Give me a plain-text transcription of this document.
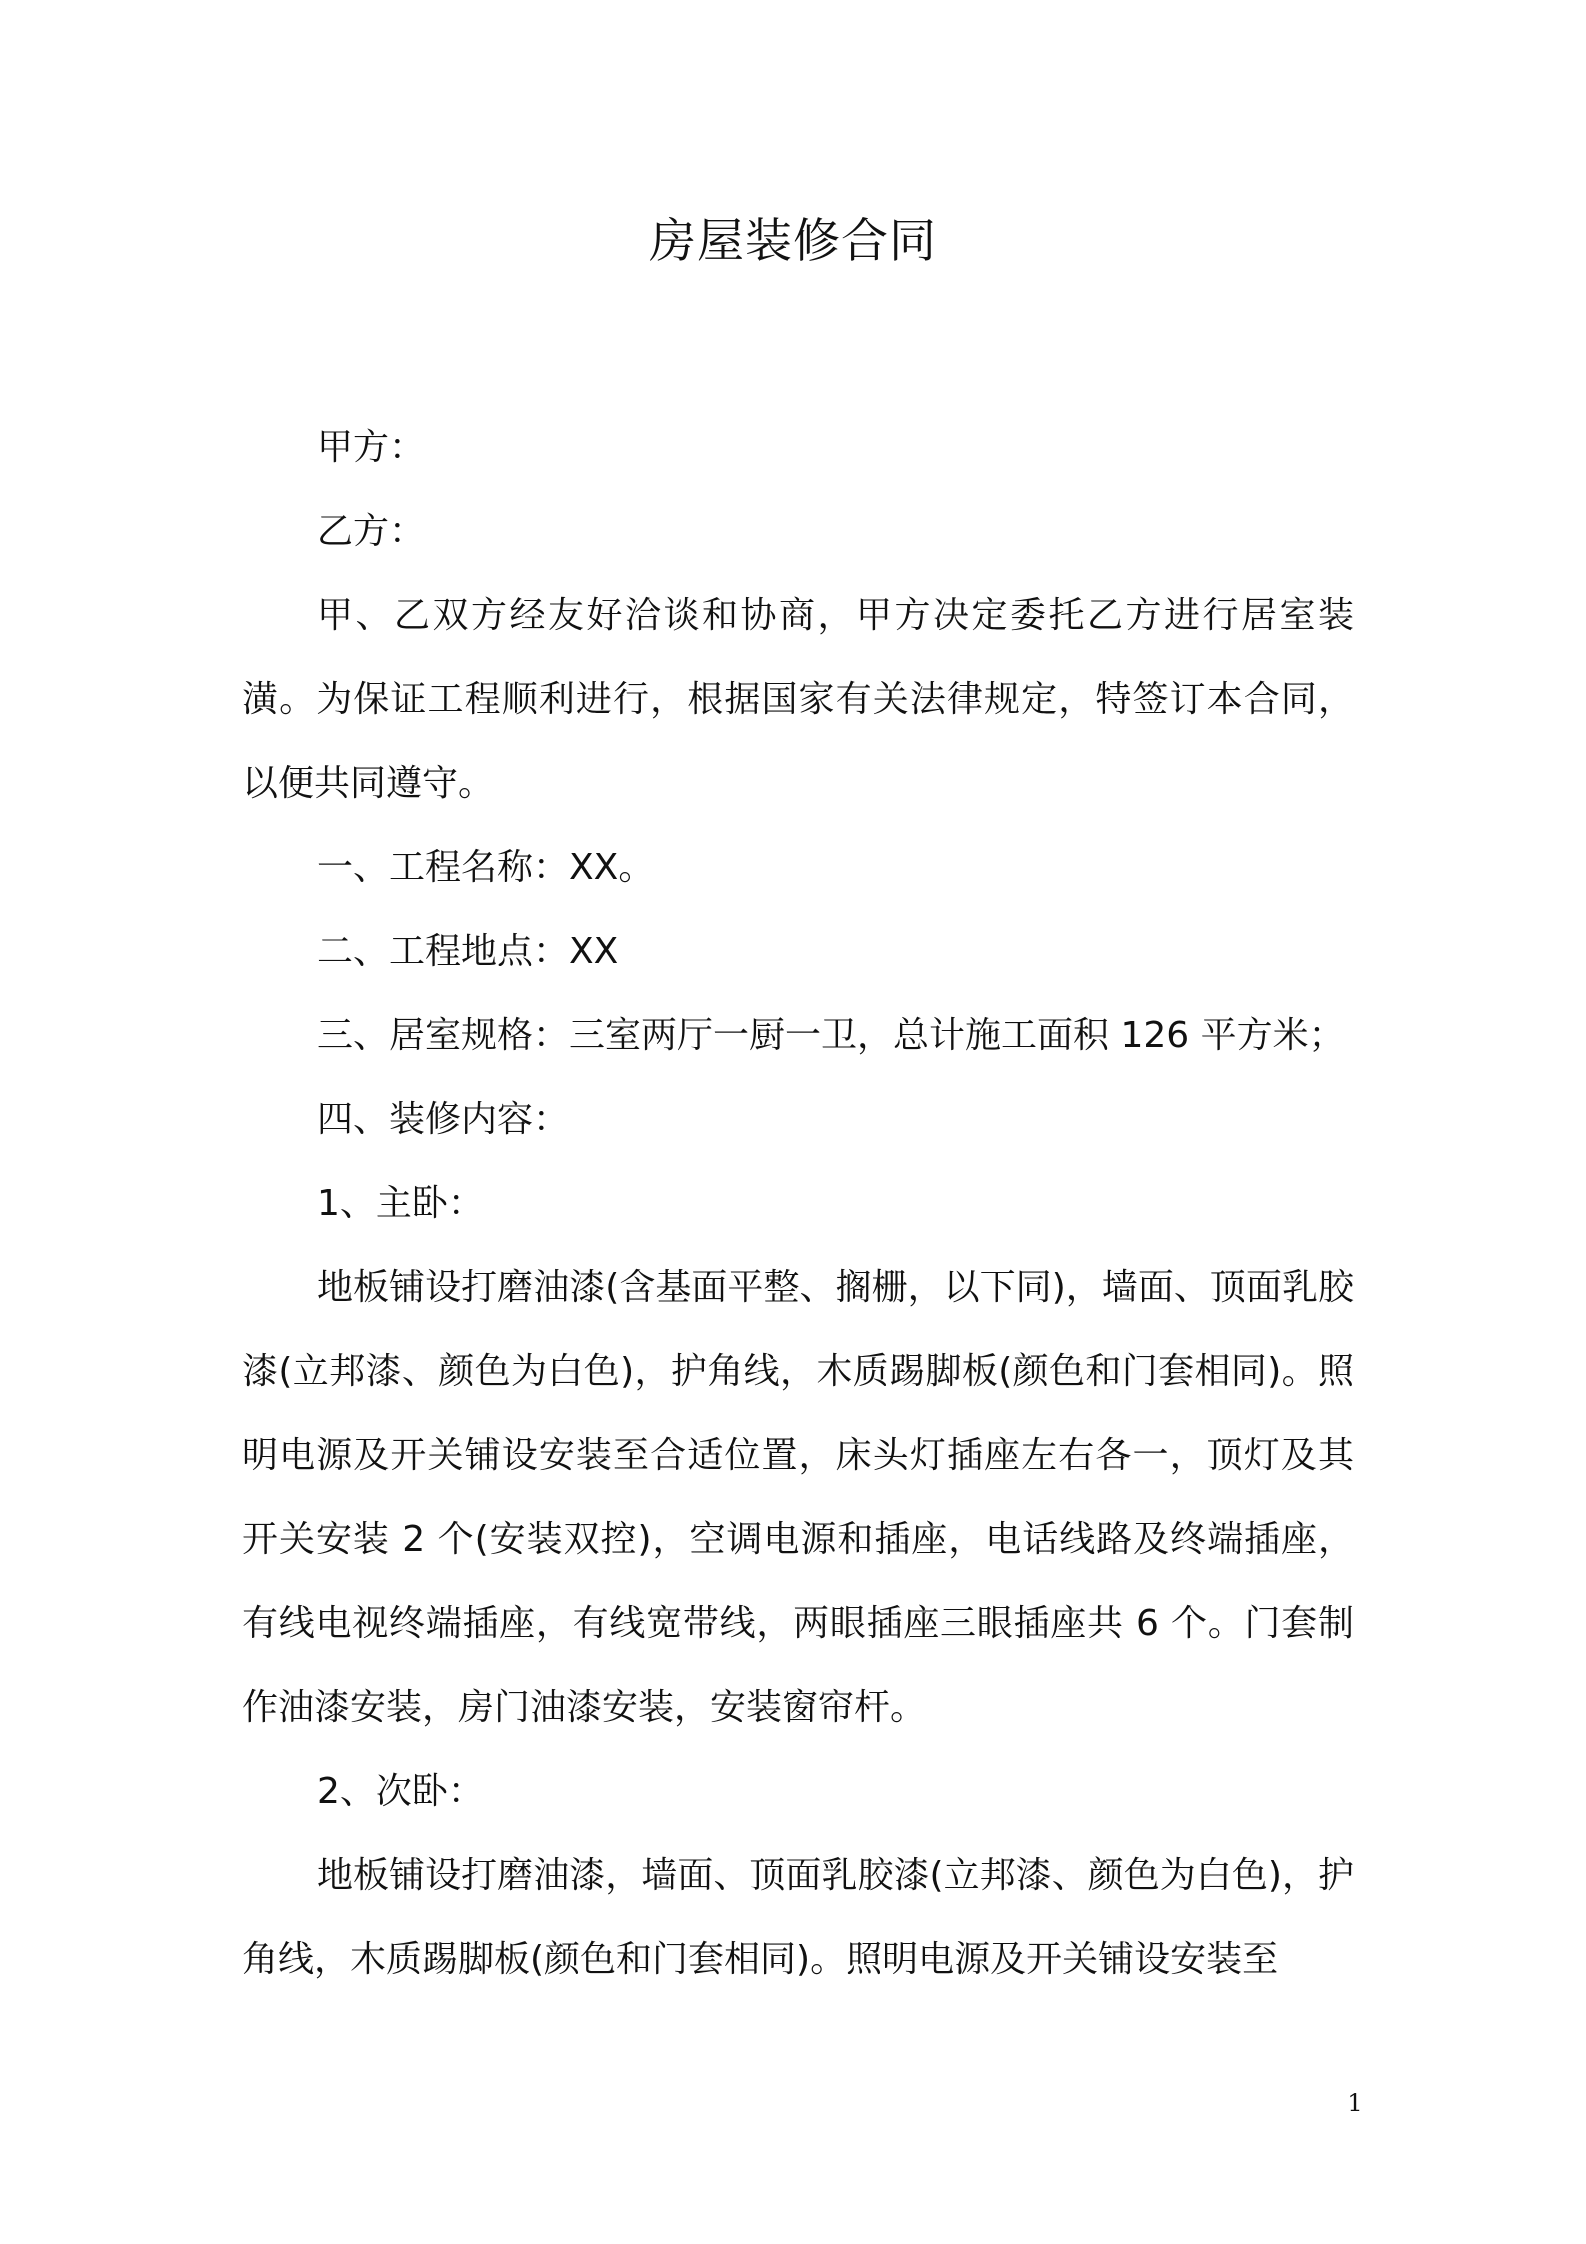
房屋装修合同

甲方：

乙方：

甲、乙双方经友好洽谈和协商，甲方决定委托乙方进行居室装潢。为保证工程顺利进行，根据国家有关法律规定，特签订本合同，以便共同遵守。

一、工程名称：XX。

二、工程地点：XX

三、居室规格：三室两厅一厨一卫，总计施工面积 126 平方米；

四、装修内容：

1、主卧：

地板铺设打磨油漆(含基面平整、搁栅，以下同)，墙面、顶面乳胶漆(立邦漆、颜色为白色)，护角线，木质踢脚板(颜色和门套相同)。照明电源及开关铺设安装至合适位置，床头灯插座左右各一，顶灯及其开关安装 2 个(安装双控)，空调电源和插座，电话线路及终端插座，有线电视终端插座，有线宽带线，两眼插座三眼插座共 6 个。门套制作油漆安装，房门油漆安装，安装窗帘杆。

2、次卧：

地板铺设打磨油漆，墙面、顶面乳胶漆(立邦漆、颜色为白色)，护角线，木质踢脚板(颜色和门套相同)。照明电源及开关铺设安装至

1
